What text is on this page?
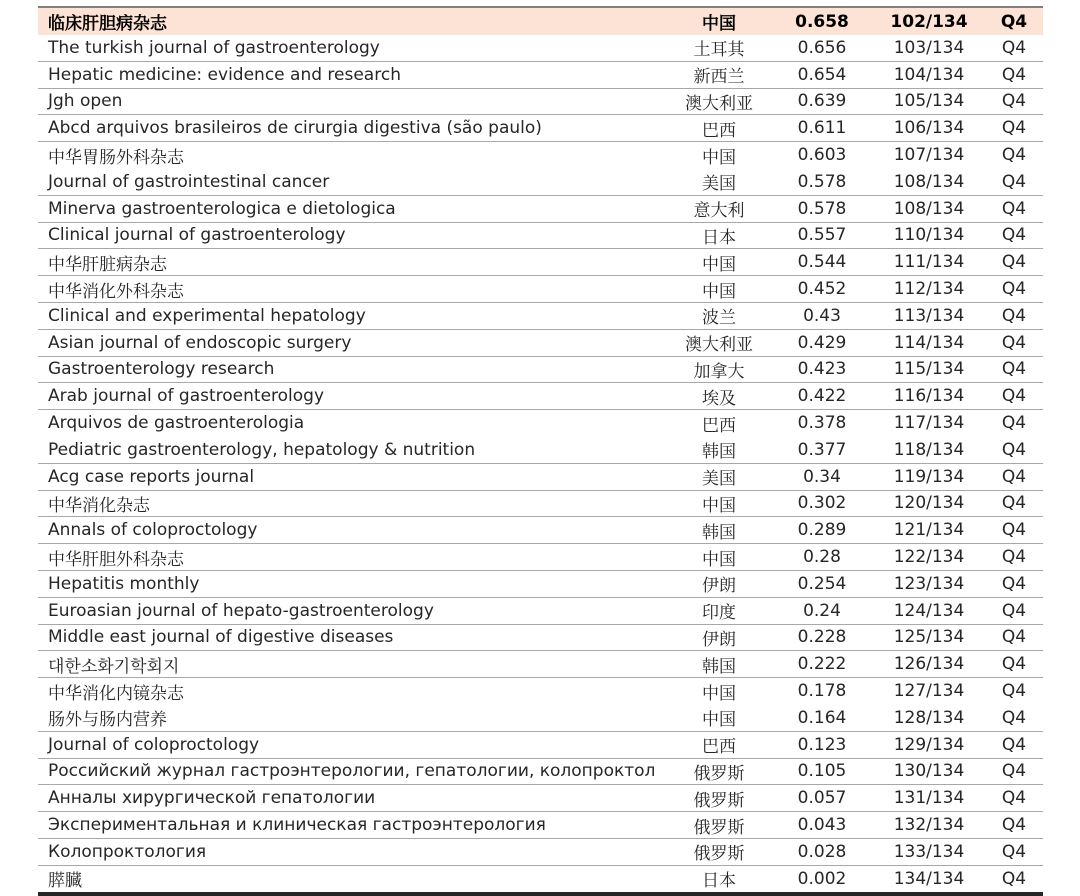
临床肝胆病杂志	中国	0.658	102/134	Q4
The turkish journal of gastroenterology	土耳其	0.656	103/134	Q4
Hepatic medicine: evidence and research	新西兰	0.654	104/134	Q4
Jgh open	澳大利亚	0.639	105/134	Q4
Abcd arquivos brasileiros de cirurgia digestiva (são paulo)	巴西	0.611	106/134	Q4
中华胃肠外科杂志	中国	0.603	107/134	Q4
Journal of gastrointestinal cancer	美国	0.578	108/134	Q4
Minerva gastroenterologica e dietologica	意大利	0.578	108/134	Q4
Clinical journal of gastroenterology	日本	0.557	110/134	Q4
中华肝脏病杂志	中国	0.544	111/134	Q4
中华消化外科杂志	中国	0.452	112/134	Q4
Clinical and experimental hepatology	波兰	0.43	113/134	Q4
Asian journal of endoscopic surgery	澳大利亚	0.429	114/134	Q4
Gastroenterology research	加拿大	0.423	115/134	Q4
Arab journal of gastroenterology	埃及	0.422	116/134	Q4
Arquivos de gastroenterologia	巴西	0.378	117/134	Q4
Pediatric gastroenterology, hepatology & nutrition	韩国	0.377	118/134	Q4
Acg case reports journal	美国	0.34	119/134	Q4
中华消化杂志	中国	0.302	120/134	Q4
Annals of coloproctology	韩国	0.289	121/134	Q4
中华肝胆外科杂志	中国	0.28	122/134	Q4
Hepatitis monthly	伊朗	0.254	123/134	Q4
Euroasian journal of hepato-gastroenterology	印度	0.24	124/134	Q4
Middle east journal of digestive diseases	伊朗	0.228	125/134	Q4
대한소화기학회지	韩国	0.222	126/134	Q4
中华消化内镜杂志	中国	0.178	127/134	Q4
肠外与肠内营养	中国	0.164	128/134	Q4
Journal of coloproctology	巴西	0.123	129/134	Q4
Российский журнал гастроэнтерологии, гепатологии, колопроктол	俄罗斯	0.105	130/134	Q4
Анналы хирургической гепатологии	俄罗斯	0.057	131/134	Q4
Экспериментальная и клиническая гастроэнтерология	俄罗斯	0.043	132/134	Q4
Колопроктология	俄罗斯	0.028	133/134	Q4
膵臓	日本	0.002	134/134	Q4
